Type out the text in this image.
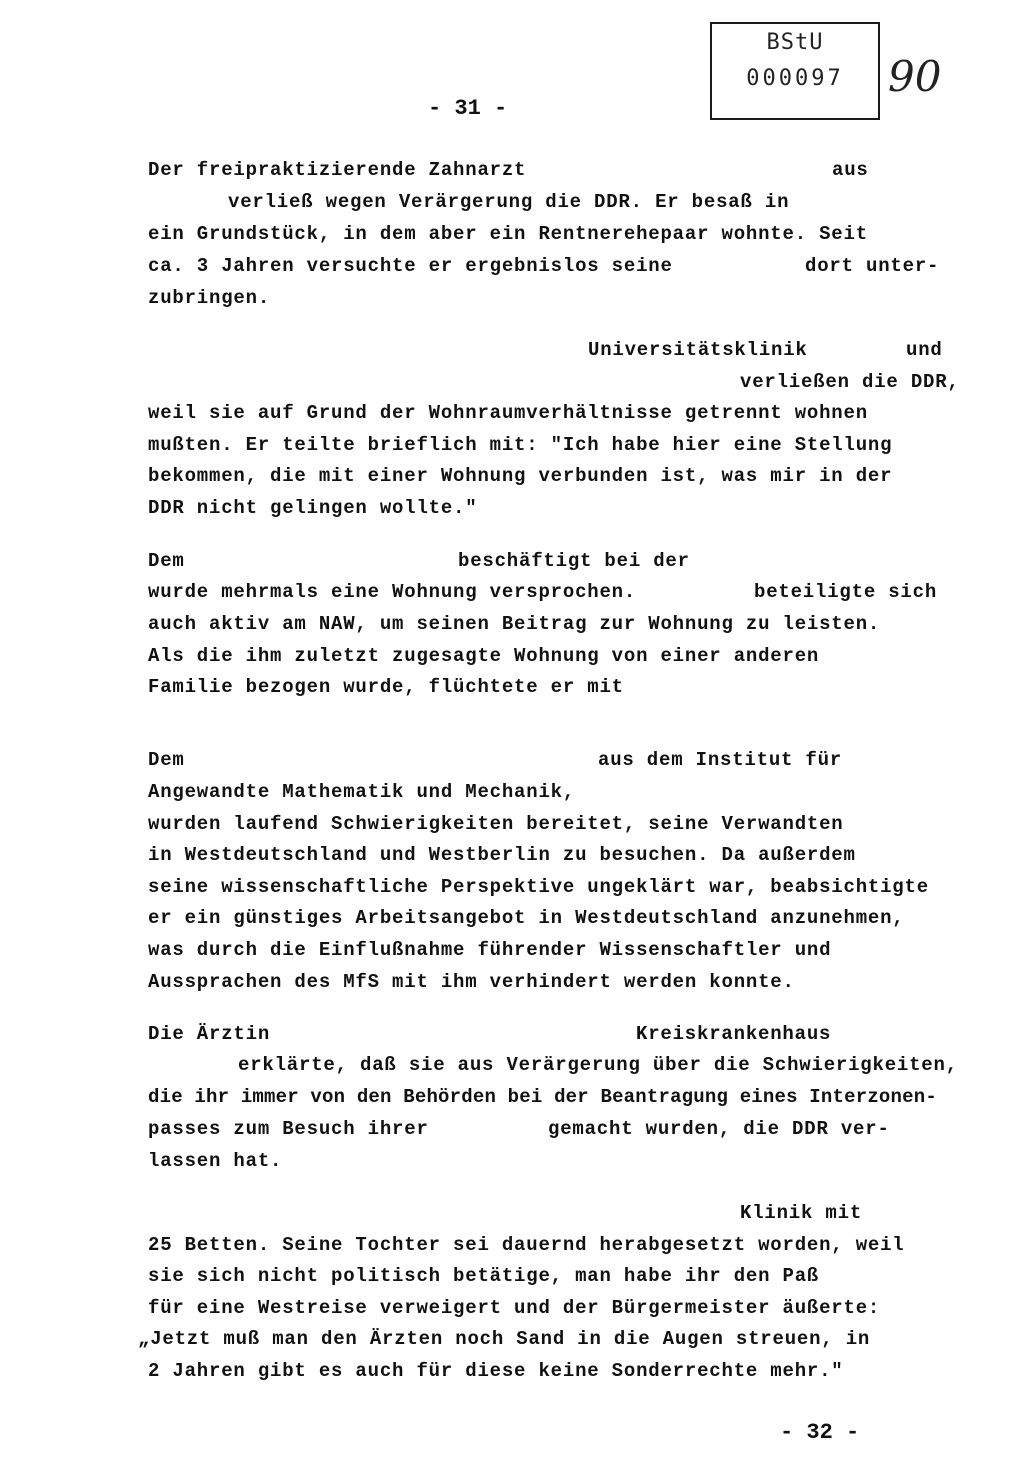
BStU
000097	90
- 31 -
Der freipraktizierende Zahnarzt	aus
verließ wegen Verärgerung die DDR. Er besaß in
ein Grundstück, in dem aber ein Rentnerehepaar wohnte. Seit
ca. 3 Jahren versuchte er ergebnislos seine	dort unter-
zubringen.
Universitätsklinik	und
verließen die DDR,
weil sie auf Grund der Wohnraumverhältnisse getrennt wohnen
mußten. Er teilte brieflich mit: "Ich habe hier eine Stellung
bekommen, die mit einer Wohnung verbunden ist, was mir in der
DDR nicht gelingen wollte."
Dem	beschäftigt bei der
wurde mehrmals eine Wohnung versprochen.	beteiligte sich
auch aktiv am NAW, um seinen Beitrag zur Wohnung zu leisten.
Als die ihm zuletzt zugesagte Wohnung von einer anderen
Familie bezogen wurde, flüchtete er mit
Dem	aus dem Institut für
Angewandte Mathematik und Mechanik,
wurden laufend Schwierigkeiten bereitet, seine Verwandten
in Westdeutschland und Westberlin zu besuchen. Da außerdem
seine wissenschaftliche Perspektive ungeklärt war, beabsichtigte
er ein günstiges Arbeitsangebot in Westdeutschland anzunehmen,
was durch die Einflußnahme führender Wissenschaftler und
Aussprachen des MfS mit ihm verhindert werden konnte.
Die Ärztin	Kreiskrankenhaus
erklärte, daß sie aus Verärgerung über die Schwierigkeiten,
die ihr immer von den Behörden bei der Beantragung eines Interzonen-
passes zum Besuch ihrer	gemacht wurden, die DDR ver-
lassen hat.
Klinik mit
25 Betten. Seine Tochter sei dauernd herabgesetzt worden, weil
sie sich nicht politisch betätige, man habe ihr den Paß
für eine Westreise verweigert und der Bürgermeister äußerte:
„Jetzt muß man den Ärzten noch Sand in die Augen streuen, in
2 Jahren gibt es auch für diese keine Sonderrechte mehr."
- 32 -
